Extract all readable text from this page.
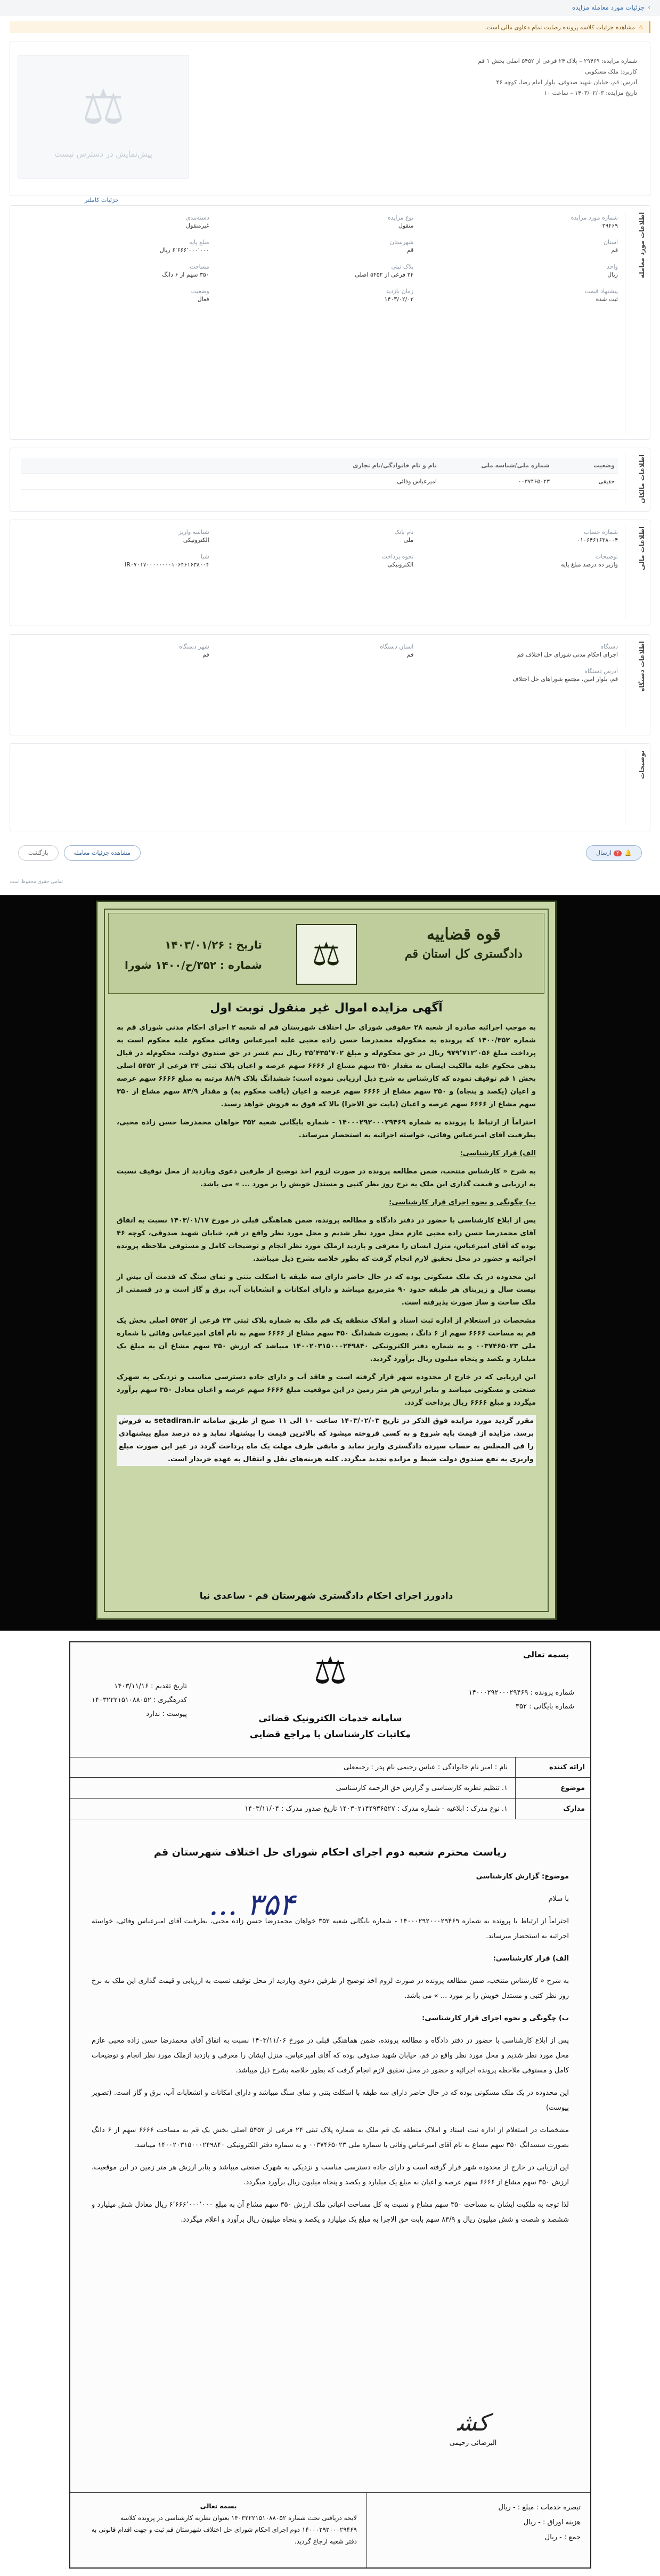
›
جزئیات مورد معامله مزایده
⚠
مشاهده جزئیات کلاسه پرونده رضایت تمام دعاوی مالی است.
⚖
پیش‌نمایش در دسترس نیست
جزئیات کاملتر
شماره مزایده: ۲۹۴۶۹ – پلاک ۲۴ فرعی از ۵۴۵۲ اصلی بخش ۱ قم
کاربرد: ملک مسکونی
آدرس: قم، خیابان شهید صدوقی، بلوار امام رضا، کوچه ۴۶
تاریخ مزایده: ۱۴۰۳/۰۲/۰۳ – ساعت ۱۰
اطلاعات مورد معامله
شماره مورد مزایده
۲۹۴۶۹
نوع مزایده
منقول
دسته‌بندی
غیرمنقول
استان
قم
شهرستان
قم
مبلغ پایه
۶٬۶۶۶٬۰۰۰٬۰۰۰ ریال
واحد
ریال
پلاک ثبتی
۲۴ فرعی از ۵۴۵۲ اصلی
مساحت
۳۵۰ سهم از ۶ دانگ
پیشنهاد قیمت
ثبت شده
زمان بازدید
۱۴۰۳/۰۲/۰۳
وضعیت
فعال
اطلاعات مالکان
وضعیت
شماره ملی/شناسه ملی
نام و نام خانوادگی/نام تجاری
حقیقی
۰۰۳۷۴۶۵۰۲۳
امیرعباس وفائی
اطلاعات مالی
شماره حساب
۰۱۰۶۴۶۱۶۳۸۰۰۴
نام بانک
ملی
شناسه واریز
الکترونیکی
توضیحات
واریز ده درصد مبلغ پایه
نحوه پرداخت
الکترونیکی
شبا
IR۰۷۰۱۷۰۰۰۰۰۰۰۰۱۰۶۴۶۱۶۳۸۰۰۴
اطلاعات دستگاه
دستگاه
اجرای احکام مدنی شورای حل اختلاف قم
استان دستگاه
قم
شهر دستگاه
قم
آدرس دستگاه
قم، بلوار امین، مجتمع شوراهای حل اختلاف
توضیحات
🔔۲ارسال
مشاهده جزئیات معامله
بازگشت
تمامی حقوق محفوظ است
قوه قضاییه
دادگستری کل استان قم
⚖
تاریخ : ۱۴۰۳/۰۱/۲۶
شماره : ۳۵۲/ح/۱۴۰۰ شورا
آگهی مزایده اموال غیر منقول نوبت اول

به موجب اجرائیه صادره از شعبه ۲۸ حقوقی شورای حل اختلاف شهرستان قم له شعبه ۲ اجرای احکام مدنی شورای قم به شماره ۱۴۰۰/۳۵۲ که پرونده به محکوم‌له محمدرضا حسن زاده محبی علیه امیرعباس وفائی محکوم علیه محکوم است به پرداخت مبلغ ۹۷۹٬۷۱۲٬۰۵۶ ریال در حق محکوم‌له و مبلغ ۳۵٬۴۳۵٬۷۰۲ ریال نیم عشر در حق صندوق دولت، محکوم‌له در قبال بدهی محکوم علیه مالکیت ایشان به مقدار ۳۵۰ سهم مشاع از ۶۶۶۶ سهم عرصه و اعیان پلاک ثبتی ۲۴ فرعی از ۵۴۵۲ اصلی بخش ۱ قم توقیف نموده که کارشناس به شرح ذیل ارزیابی نموده است؛ ششدانگ پلاک ۸۸/۹ مرتبه به مبلغ ۶۶۶۶ سهم عرصه و اعیان (یکصد و پنجاه) و ۳۵۰ سهم مشاع از ۶۶۶۶ سهم عرصه و اعیان (یافت محکوم به) و مقدار ۸۳/۹ سهم مشاع از ۳۵۰ سهم مشاع از ۶۶۶۶ سهم عرصه و اعیان (بابت حق الاجرا) بالا که فوق به فروش خواهد رسید.

احتراماً از ارتباط با پرونده به شماره ۱۴۰۰۰۲۹۲۰۰۰۲۹۴۶۹ - شماره بایگانی شعبه ۳۵۲ خواهان محمدرضا حسن زاده محبی، بطرفیت آقای امیرعباس وفائی، خواسته اجرائیه به استحضار میرساند.

الف) قرار کارشناسی:

به شرح « کارشناس منتخب، ضمن مطالعه پرونده در صورت لزوم اخذ توضیح از طرفین دعوی وبازدید از محل توقیف نسبت به ارزیابی و قیمت گذاری این ملک به نرخ روز نظر کتبی و مستدل خویش را بر مورد ... » می باشد.

ب) چگونگی و نحوه اجرای قرار کارشناسی:

پس از ابلاغ کارشناسی با حضور در دفتر دادگاه و مطالعه پرونده، ضمن هماهنگی قبلی در مورخ ۱۴۰۳/۰۱/۱۷ نسبت به اتفاق آقای محمدرضا حسن زاده محبی عازم محل مورد نظر شدیم و محل مورد نظر واقع در قم، خیابان شهید صدوقی، کوچه ۴۶ بوده که آقای امیرعباس، منزل ایشان را معرفی و بازدید ازملک مورد نظر انجام و توضیحات کامل و مستوفی ملاحظه پرونده اجرائیه و حضور در محل تحقیق لازم انجام گرفت که بطور خلاصه بشرح ذیل میباشد.

این محدوده در یک ملک مسکونی بوده که در حال حاضر دارای سه طبقه با اسکلت بتنی و نمای سنگ که قدمت آن بیش از بیست سال و زیربنای هر طبقه حدود ۹۰ مترمربع میباشد و دارای امکانات و انشعابات آب، برق و گاز است و در قسمتی از ملک ساخت و ساز صورت پذیرفته است.

مشخصات در استعلام از اداره ثبت اسناد و املاک منطقه یک قم ملک به شماره پلاک ثبتی ۲۴ فرعی از ۵۴۵۲ اصلی بخش یک قم به مساحت ۶۶۶۶ سهم از ۶ دانگ ، بصورت ششدانگ ۳۵۰ سهم مشاع از ۶۶۶۶ سهم به نام آقای امیرعباس وفائی با شماره ملی ۰۰۳۷۴۶۵۰۲۳ و به شماره دفتر الکترونیکی ۱۴۰۰۲۰۳۱۵۰۰۰۲۴۹۸۴۰ میباشد که ارزش ۳۵۰ سهم مشاع آن به مبلغ یک میلیارد و یکصد و پنجاه میلیون ریال برآورد گردید.

این ارزیابی که در خارج از محدوده شهر قرار گرفته است و فاقد آب و دارای جاده دسترسی مناسب و نزدیکی به شهرک صنعتی و مسکونی میباشد و بنابر ارزش هر متر زمین در این موقعیت مبلغ ۶۶۶۶ سهم عرصه و اعیان معادل ۳۵۰ سهم برآورد میگردد و مبلغ ۶۶۶۶ ریال پرداخت گردد.

مقرر گردید مورد مزایده فوق الذکر در تاریخ ۱۴۰۳/۰۲/۰۳ ساعت ۱۰ الی ۱۱ صبح از طریق سامانه setadiran.ir به فروش برسد. مزایده از قیمت پایه شروع و به کسی فروخته میشود که بالاترین قیمت را پیشنهاد نماید و ده درصد مبلغ پیشنهادی را فی المجلس به حساب سپرده دادگستری واریز نماید و مابقی ظرف مهلت یک ماه پرداخت گردد در غیر این صورت مبلغ واریزی به نفع صندوق دولت ضبط و مزایده تجدید میگردد. کلیه هزینه‌های نقل و انتقال به عهده خریدار است.

دادورز اجرای احکام دادگستری شهرستان قم - ساعدی نیا
بسمه تعالی
شماره پرونده : ۱۴۰۰۰۲۹۲۰۰۰۲۹۴۶۹
شماره بایگانی : ۳۵۲
⚖
سامانه خدمات الکترونیک قضائی
مکاتبات کارشناسان با مراجع قضایی
تاریخ تقدیم : ۱۴۰۳/۱۱/۱۶
کدرهگیری : ۱۴۰۳۲۲۲۱۵۱۰۸۸۰۵۲
پیوست : ندارد
ارائه کننده
نام : امیر نام خانوادگی : عباس رحیمی نام پدر : رحیمعلی
موضوع
۱. تنظیم نظریه کارشناسی و گزارش حق الزحمه کارشناسی
مدارک
۱. نوع مدرک : ابلاغیه - شماره مدرک : ۱۴۰۳۰۲۱۴۴۹۳۶۵۲۷ تاریخ صدور مدرک : ۱۴۰۳/۱۱/۰۴
۳۵۴ ...
ریاست محترم شعبه دوم اجرای احکام شورای حل اختلاف شهرستان قم

موضوع: گزارش کارشناسی

با سلام

احتراماً از ارتباط با پرونده به شماره ۱۴۰۰۰۲۹۲۰۰۰۲۹۴۶۹ - شماره بایگانی شعبه ۳۵۲ خواهان محمدرضا حسن زاده محبی، بطرفیت آقای امیرعباس وفائی، خواسته اجرائیه به استحضار میرساند.

الف) قرار کارشناسی:

به شرح « کارشناس منتخب، ضمن مطالعه پرونده در صورت لزوم اخذ توضیح از طرفین دعوی وبازدید از محل توقیف نسبت به ارزیابی و قیمت گذاری این ملک به نرخ روز نظر کتبی و مستدل خویش را بر مورد ... » می باشد.

ب) چگونگی و نحوه اجرای قرار کارشناسی:

پس از ابلاغ کارشناسی با حضور در دفتر دادگاه و مطالعه پرونده، ضمن هماهنگی قبلی در مورخ ۱۴۰۳/۱۱/۰۶ نسبت به اتفاق آقای محمدرضا حسن زاده محبی عازم محل مورد نظر شدیم و محل مورد نظر واقع در قم، خیابان شهید صدوقی بوده که آقای امیرعباس، منزل ایشان را معرفی و بازدید ازملک مورد نظر انجام و توضیحات کامل و مستوفی ملاحظه پرونده اجرائیه و حضور در محل تحقیق لازم انجام گرفت که بطور خلاصه بشرح ذیل میباشد.

این محدوده در یک ملک مسکونی بوده که در حال حاضر دارای سه طبقه با اسکلت بتنی و نمای سنگ میباشد و دارای امکانات و انشعابات آب، برق و گاز است. (تصویر پیوست)

مشخصات در استعلام از اداره ثبت اسناد و املاک منطقه یک قم ملک به شماره پلاک ثبتی ۲۴ فرعی از ۵۴۵۲ اصلی بخش یک قم به مساحت ۶۶۶۶ سهم از ۶ دانگ بصورت ششدانگ ۳۵۰ سهم مشاع به نام آقای امیرعباس وفائی با شماره ملی ۰۰۳۷۴۶۵۰۲۳ و به شماره دفتر الکترونیکی ۱۴۰۰۲۰۳۱۵۰۰۰۲۴۹۸۴۰ میباشد.

این ارزیابی در خارج از محدوده شهر قرار گرفته است و دارای جاده دسترسی مناسب و نزدیکی به شهرک صنعتی میباشد و بنابر ارزش هر متر زمین در این موقعیت، ارزش ۳۵۰ سهم مشاع از ۶۶۶۶ سهم عرصه و اعیان به مبلغ یک میلیارد و یکصد و پنجاه میلیون ریال برآورد میگردد.

لذا توجه به ملکیت ایشان به مساحت ۳۵۰ سهم مشاع و نسبت به کل مساحت اعیانی ملک ارزش ۳۵۰ سهم مشاع آن به مبلغ ۶٬۶۶۶٬۰۰۰٬۰۰۰ ریال معادل شش میلیارد و ششصد و شصت و شش میلیون ریال و ۸۳/۹ سهم بابت حق الاجرا به مبلغ یک میلیارد و یکصد و پنجاه میلیون ریال برآورد و اعلام میگردد.

ﮐﺸ
الیرضائی رحیمی
تبصره خدمات : مبلغ : - ریال
هزینه اوراق : - ریال
جمع : - ریال
بسمه تعالی
لایحه دریافتی تحت شماره ۱۴۰۳۲۲۲۱۵۱۰۸۸۰۵۲ بعنوان نظریه کارشناسی در پرونده کلاسه ۱۴۰۰۰۲۹۲۰۰۰۲۹۴۶۹ دوم اجرای احکام شورای حل اختلاف شهرستان قم ثبت و جهت اقدام قانونی به دفتر شعبه ارجاع گردید.
